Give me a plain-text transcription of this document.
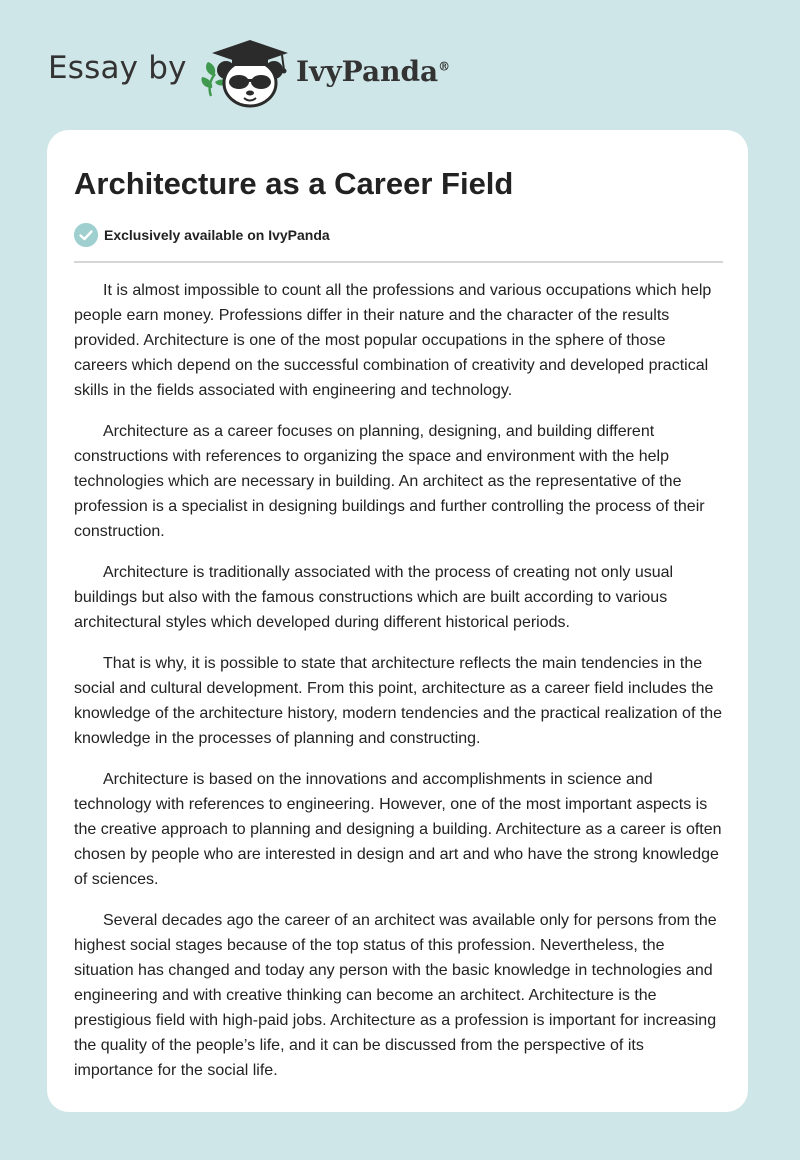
Essay by	IvyPanda®
Architecture as a Career Field
Exclusively available on IvyPanda

It is almost impossible to count all the professions and various occupations which help people earn money. Professions differ in their nature and the character of the results provided. Architecture is one of the most popular occupations in the sphere of those careers which depend on the successful combination of creativity and developed practical skills in the fields associated with engineering and technology.

Architecture as a career focuses on planning, designing, and building different constructions with references to organizing the space and environment with the help technologies which are necessary in building. An architect as the representative of the profession is a specialist in designing buildings and further controlling the process of their construction.

Architecture is traditionally associated with the process of creating not only usual buildings but also with the famous constructions which are built according to various architectural styles which developed during different historical periods.

That is why, it is possible to state that architecture reflects the main tendencies in the social and cultural development. From this point, architecture as a career field includes the knowledge of the architecture history, modern tendencies and the practical realization of the knowledge in the processes of planning and constructing.

Architecture is based on the innovations and accomplishments in science and technology with references to engineering. However, one of the most important aspects is the creative approach to planning and designing a building. Architecture as a career is often chosen by people who are interested in design and art and who have the strong knowledge of sciences.

Several decades ago the career of an architect was available only for persons from the highest social stages because of the top status of this profession. Nevertheless, the situation has changed and today any person with the basic knowledge in technologies and engineering and with creative thinking can become an architect. Architecture is the prestigious field with high-paid jobs. Architecture as a profession is important for increasing the quality of the people’s life, and it can be discussed from the perspective of its importance for the social life.
